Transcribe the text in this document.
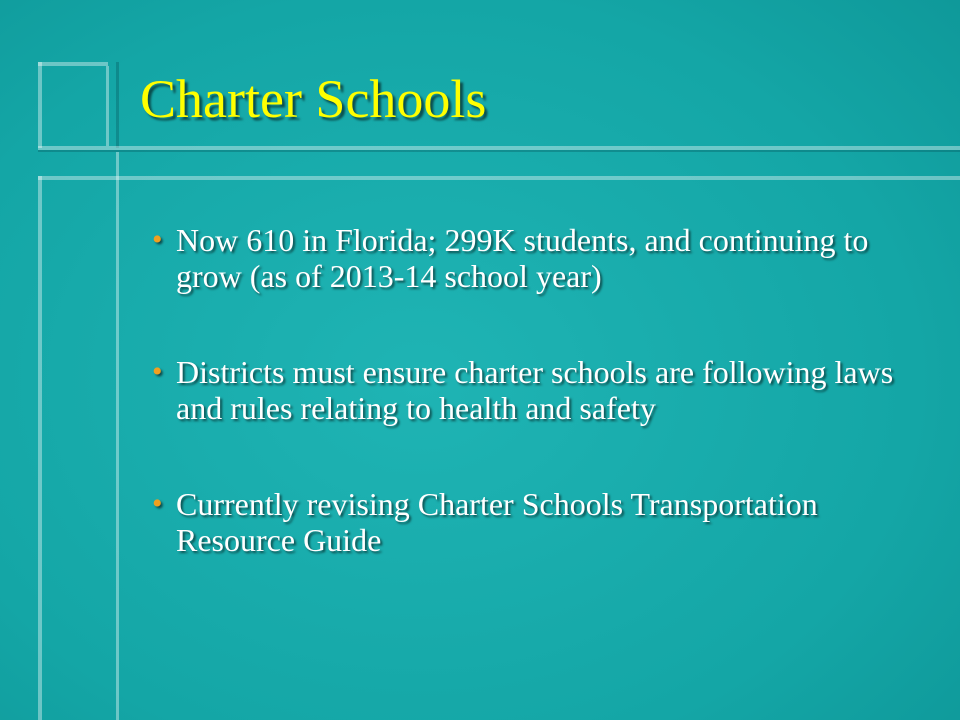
Charter Schools
• Now 610 in Florida; 299K students, and continuing to grow (as of 2013-14 school year)
• Districts must ensure charter schools are following laws and rules relating to health and safety
• Currently revising Charter Schools Transportation Resource Guide
